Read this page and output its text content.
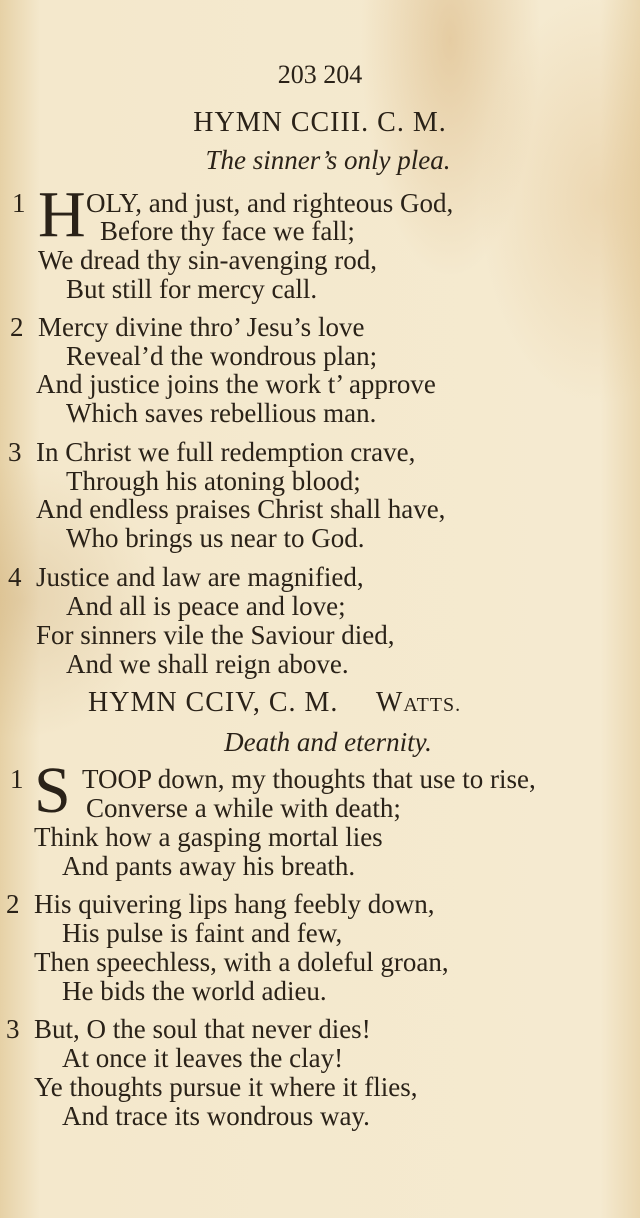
203 204
HYMN CCIII. C. M.
The sinner’s only plea.
1 H OLY, and just, and righteous God,
Before thy face we fall;
We dread thy sin-avenging rod,
But still for mercy call.
2 Mercy divine thro’ Jesu’s love
Reveal’d the wondrous plan;
And justice joins the work t’ approve
Which saves rebellious man.
3 In Christ we full redemption crave,
Through his atoning blood;
And endless praises Christ shall have,
Who brings us near to God.
4 Justice and law are magnified,
And all is peace and love;
For sinners vile the Saviour died,
And we shall reign above.
HYMN CCIV, C. M. WATTS.
Death and eternity.
1 S TOOP down, my thoughts that use to rise,
Converse a while with death;
Think how a gasping mortal lies
And pants away his breath.
2 His quivering lips hang feebly down,
His pulse is faint and few,
Then speechless, with a doleful groan,
He bids the world adieu.
3 But, O the soul that never dies!
At once it leaves the clay!
Ye thoughts pursue it where it flies,
And trace its wondrous way.
